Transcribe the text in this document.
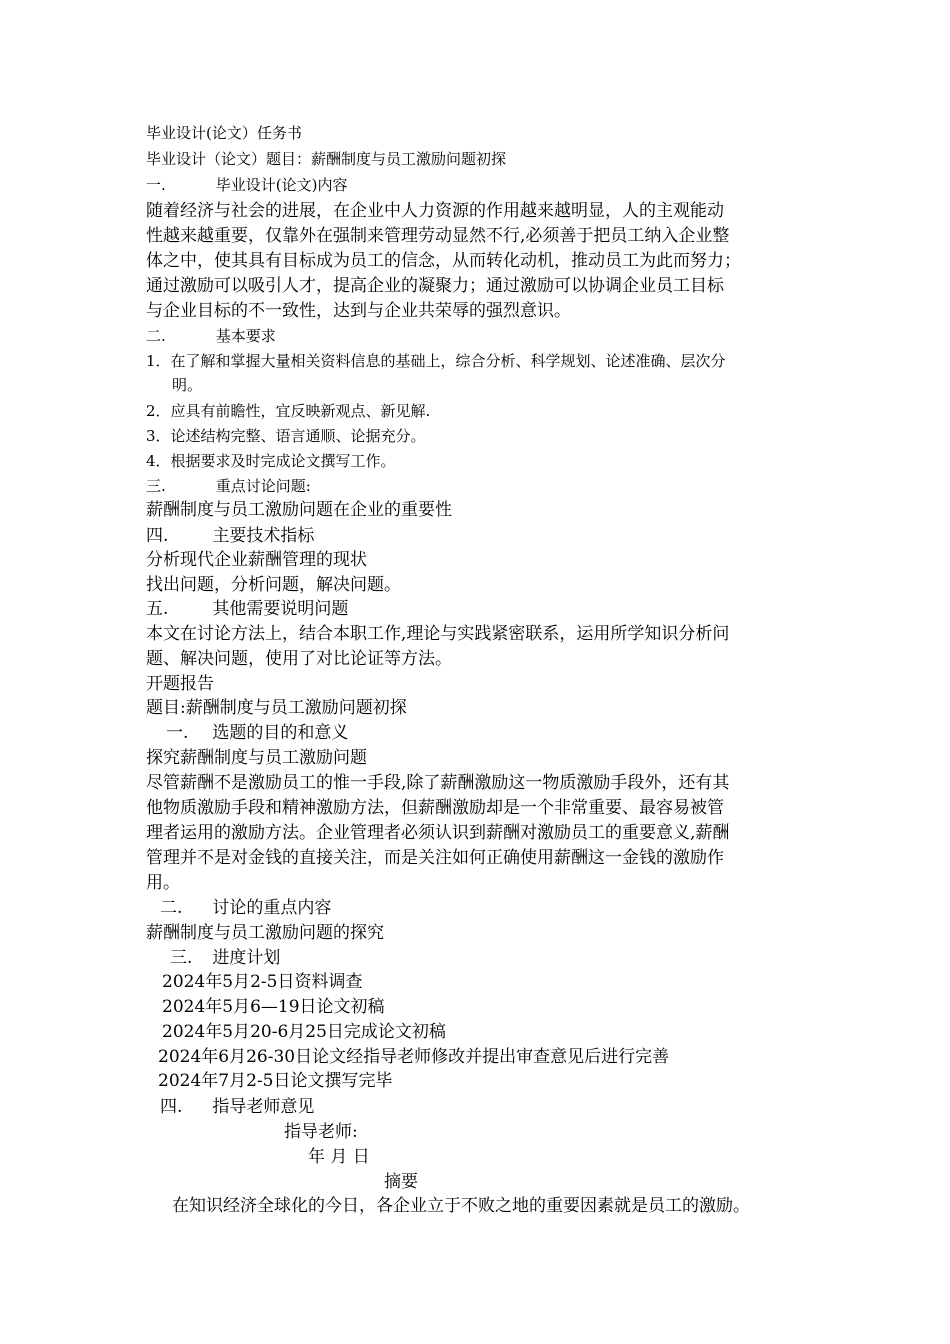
毕业设计(论文）任务书
毕业设计（论文）题目：薪酬制度与员工激励问题初探
一.	毕业设计(论文)内容
随着经济与社会的进展，在企业中人力资源的作用越来越明显，人的主观能动
性越来越重要，仅靠外在强制来管理劳动显然不行,必须善于把员工纳入企业整
体之中，使其具有目标成为员工的信念，从而转化动机，推动员工为此而努力；
通过激励可以吸引人才，提高企业的凝聚力；通过激励可以协调企业员工目标
与企业目标的不一致性，达到与企业共荣辱的强烈意识。
二.	基本要求
1．在了解和掌握大量相关资料信息的基础上，综合分析、科学规划、论述准确、层次分
明。
2．应具有前瞻性，宜反映新观点、新见解.
3．论述结构完整、语言通顺、论据充分。
4．根据要求及时完成论文撰写工作。
三.	重点讨论问题:
薪酬制度与员工激励问题在企业的重要性
四.	主要技术指标
分析现代企业薪酬管理的现状
找出问题，分析问题，解决问题。
五.	其他需要说明问题
本文在讨论方法上，结合本职工作,理论与实践紧密联系，运用所学知识分析问
题、解决问题，使用了对比论证等方法。
开题报告
题目:薪酬制度与员工激励问题初探
一. 选题的目的和意义
探究薪酬制度与员工激励问题
尽管薪酬不是激励员工的惟一手段,除了薪酬激励这一物质激励手段外，还有其
他物质激励手段和精神激励方法，但薪酬激励却是一个非常重要、最容易被管
理者运用的激励方法。企业管理者必须认识到薪酬对激励员工的重要意义,薪酬
管理并不是对金钱的直接关注，而是关注如何正确使用薪酬这一金钱的激励作
用。
二. 讨论的重点内容
薪酬制度与员工激励问题的探究
三. 进度计划
2024年5月2-5日资料调查
2024年5月6—19日论文初稿
2024年5月20-6月25日完成论文初稿
2024年6月26-30日论文经指导老师修改并提出审查意见后进行完善
2024年7月2-5日论文撰写完毕
四. 指导老师意见
指导老师:
年 月 日
摘要
在知识经济全球化的今日，各企业立于不败之地的重要因素就是员工的激励。
